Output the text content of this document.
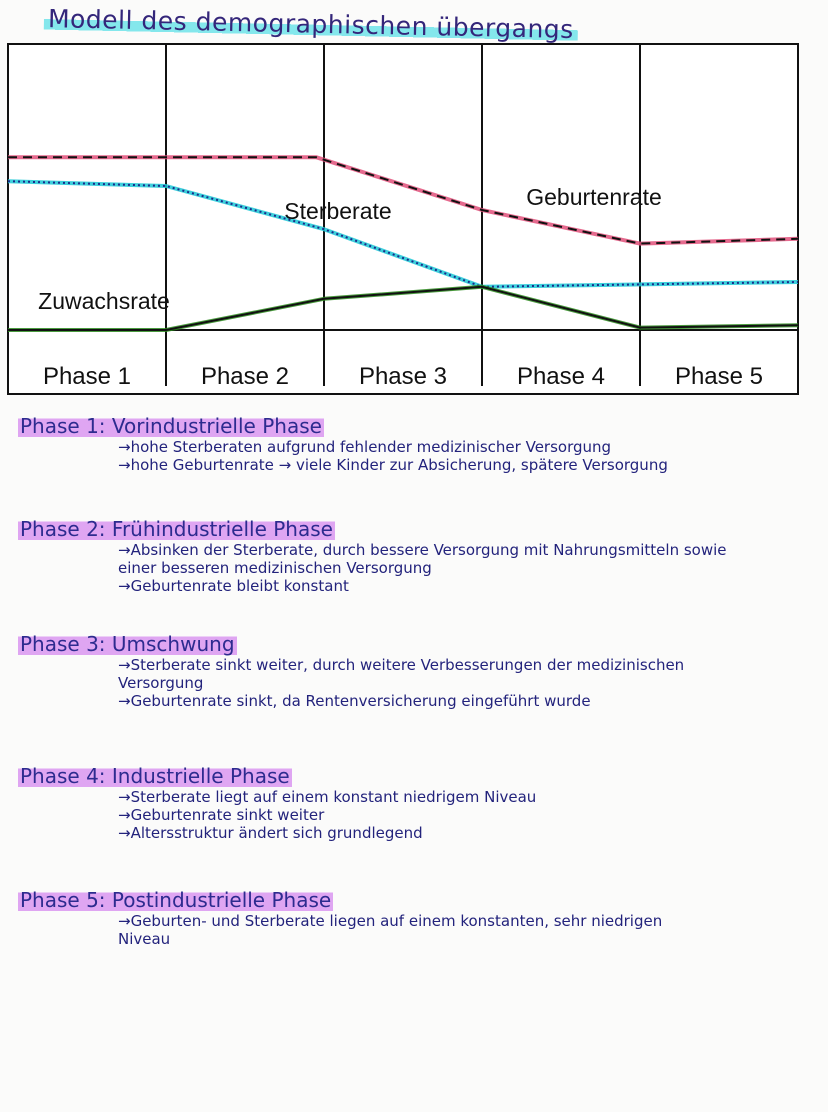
Modell des demographischen übergangs
Geburtenrate
Sterberate
Zuwachsrate
Phase 1	Phase 2	Phase 3	Phase 4	Phase 5
Phase 1: Vorindustrielle Phase
→hohe Sterberaten aufgrund fehlender medizinischer Versorgung
→hohe Geburtenrate → viele Kinder zur Absicherung, spätere Versorgung
Phase 2: Frühindustrielle Phase
→Absinken der Sterberate, durch bessere Versorgung mit Nahrungsmitteln sowie einer besseren medizinischen Versorgung
→Geburtenrate bleibt konstant
Phase 3: Umschwung
→Sterberate sinkt weiter, durch weitere Verbesserungen der medizinischen Versorgung
→Geburtenrate sinkt, da Rentenversicherung eingeführt wurde
Phase 4: Industrielle Phase
→Sterberate liegt auf einem konstant niedrigem Niveau
→Geburtenrate sinkt weiter
→Altersstruktur ändert sich grundlegend
Phase 5: Postindustrielle Phase
→Geburten- und Sterberate liegen auf einem konstanten, sehr niedrigen Niveau
